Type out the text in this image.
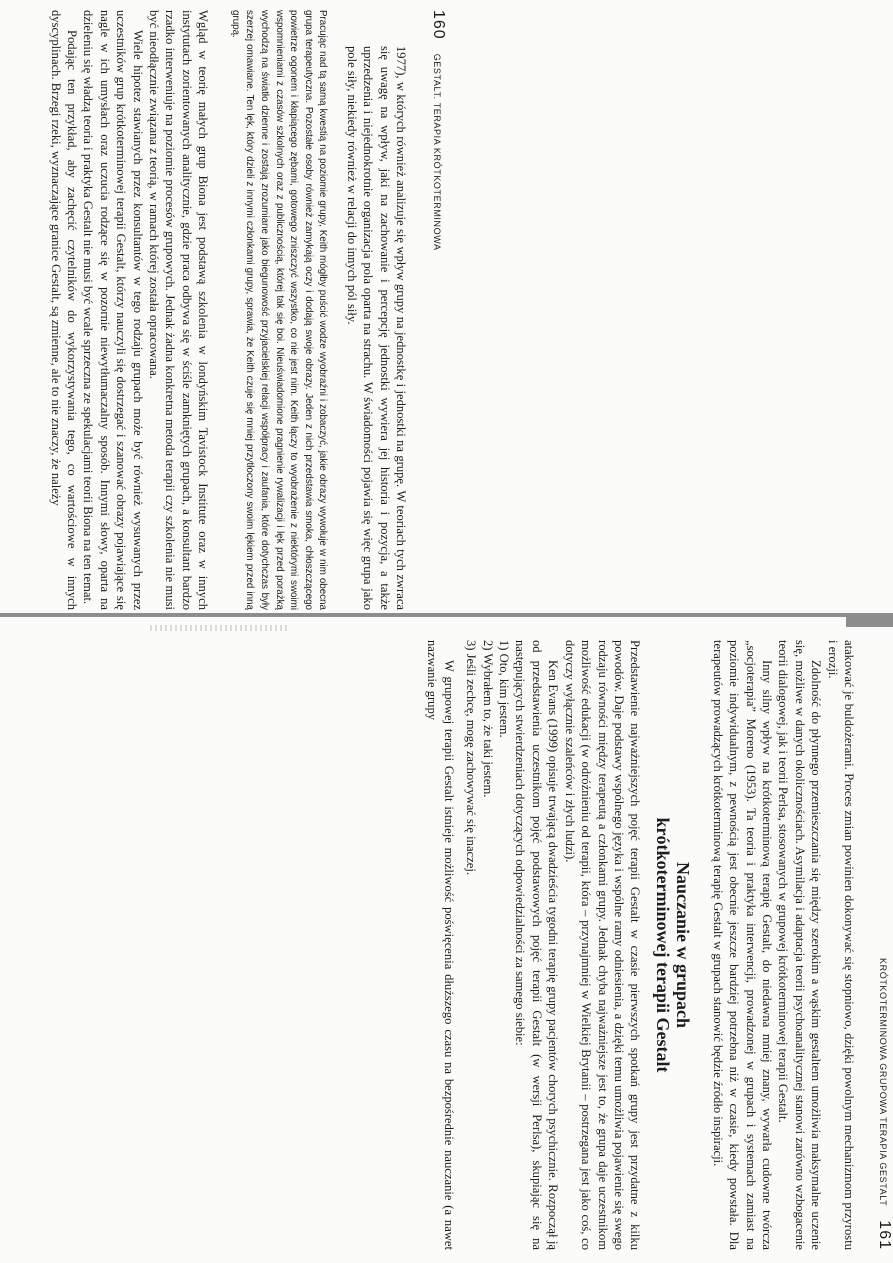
160
GESTALT. TERAPIA KRÓTKOTERMINOWA

1977), w których również analizuje się wpływ grupy na jednostkę i jednostki na grupę. W teoriach tych zwraca się uwagę na wpływ, jaki na zachowanie i percepcję jednostki wywiera jej historia i pozycja, a także uprzedzenia i niejednokrotnie organizacja pola oparta na strachu. W świadomości pojawia się więc grupa jako pole siły, niekiedy również w relacji do innych pól siły.

Pracując nad tą samą kwestią na poziomie grupy, Keith mógłby puścić wodze wyobraźni i zobaczyć, jakie obrazy wywołuje w nim obecna grupa terapeutyczna. Pozostałe osoby również zamykają oczy i dodają swoje obrazy. Jeden z nich przedstawia smoka, chłoszczącego powietrze ogonem i kłapiącego zębami, gotowego zniszczyć wszystko, co nie jest nim. Keith łączy to wyobrażenie z niektórymi swoimi wspomnieniami z czasów szkolnych oraz z publicznością, której tak się boi. Nieuświadomione pragnienie rywalizacji i lęk przed porażką wychodzą na światło dzienne i zostają zrozumiane jako biegunowość przyjacielskiej relacji współpracy i zaufania, które dotychczas były szerzej omawiane. Ten lęk, który dzieli z innymi członkami grupy, sprawia, że Keith czuje się mniej przytłoczony swoim lękiem przed inną grupą.

Wgląd w teorię małych grup Biona jest podstawą szkolenia w londyńskim Tavistock Institute oraz w innych instytutach zorientowanych analitycznie, gdzie praca odbywa się w ściśle zamkniętych grupach, a konsultant bardzo rzadko interweniuje na poziomie procesów grupowych. Jednak żadna konkretna metoda terapii czy szkolenia nie musi być nieodłącznie związana z teorią, w ramach której została opracowana.

Wiele hipotez stawianych przez konsultantów w tego rodzaju grupach może być również wysuwanych przez uczestników grup krótkoterminowej terapii Gestalt, którzy nauczyli się dostrzegać i szanować obrazy pojawiające się nagle w ich umysłach oraz uczucia rodzące się w pozornie niewytłumaczalny sposób. Innymi słowy, oparta na dzieleniu się władzą teoria i praktyka Gestalt nie musi być wcale sprzeczna ze spekulacjami teorii Biona na ten temat.

Podając ten przykład, aby zachęcić czytelników do wykorzystywania tego, co wartościowe w innych dyscyplinach. Brzegi rzeki, wyznaczające granice Gestalt, są zmienne, ale to nie znaczy, że należy

KRÓTKOTERMINOWA GRUPOWA TERAPIA GESTALT
161

atakować je buldożerami. Proces zmian powinien dokonywać się stopniowo, dzięki powolnym mechanizmom przyrostu i erozji.

Zdolność do płynnego przemieszczania się między szerokim a wąskim gestaltem umożliwia maksymalne uczenie się, możliwe w danych okolicznościach. Asymilacja i adaptacja teorii psychoanalitycznej stanowi zarówno wzbogacenie teorii dialogowej, jak i teorii Perlsa, stosowanych w grupowej krótkoterminowej terapii Gestalt.

Inny silny wpływ na krótkoterminową terapię Gestalt, do niedawna mniej znany, wywarła cudowne twórcza „socjoterapia” Moreno (1953). Ta teoria i praktyka interwencji, prowadzonej w grupach i systemach zamiast na poziomie indywidualnym, z pewnością jest obecnie jeszcze bardziej potrzebna niż w czasie, kiedy powstała. Dla terapeutów prowadzących krótkoterminową terapię Gestalt w grupach stanowić będzie źródło inspiracji.

Nauczanie w grupach
krótkoterminowej terapii Gestalt

Przedstawienie najważniejszych pojęć terapii Gestalt w czasie pierwszych spotkań grupy jest przydatne z kilku powodów. Daje podstawy wspólnego języka i wspólne ramy odniesienia, a dzięki temu umożliwia pojawienie się swego rodzaju równości między terapeutą a członkami grupy. Jednak chyba najważniejsze jest to, że grupa daje uczestnikom możliwość edukacji (w odróżnieniu od terapii, która – przynajmniej w Wielkiej Brytanii – postrzegana jest jako coś, co dotyczy wyłącznie szaleńców i złych ludzi).

Ken Evans (1999) opisuje trwającą dwadzieścia tygodni terapię grupy pacjentów chorych psychicznie. Rozpoczął ją od przedstawienia uczestnikom pojęć podstawowych pojęć terapii Gestalt (w wersji Perlsa), skupiając się na następujących stwierdzeniach dotyczących odpowiedzialności za samego siebie:

1) Oto, kim jestem.
2) Wybrałem to, że taki jestem.
3) Jeśli zechcę, mogę zachowywać się inaczej.

W grupowej terapii Gestalt istnieje możliwość poświęcenia dłuższego czasu na bezpośrednie nauczanie (a nawet nazwanie grupy
